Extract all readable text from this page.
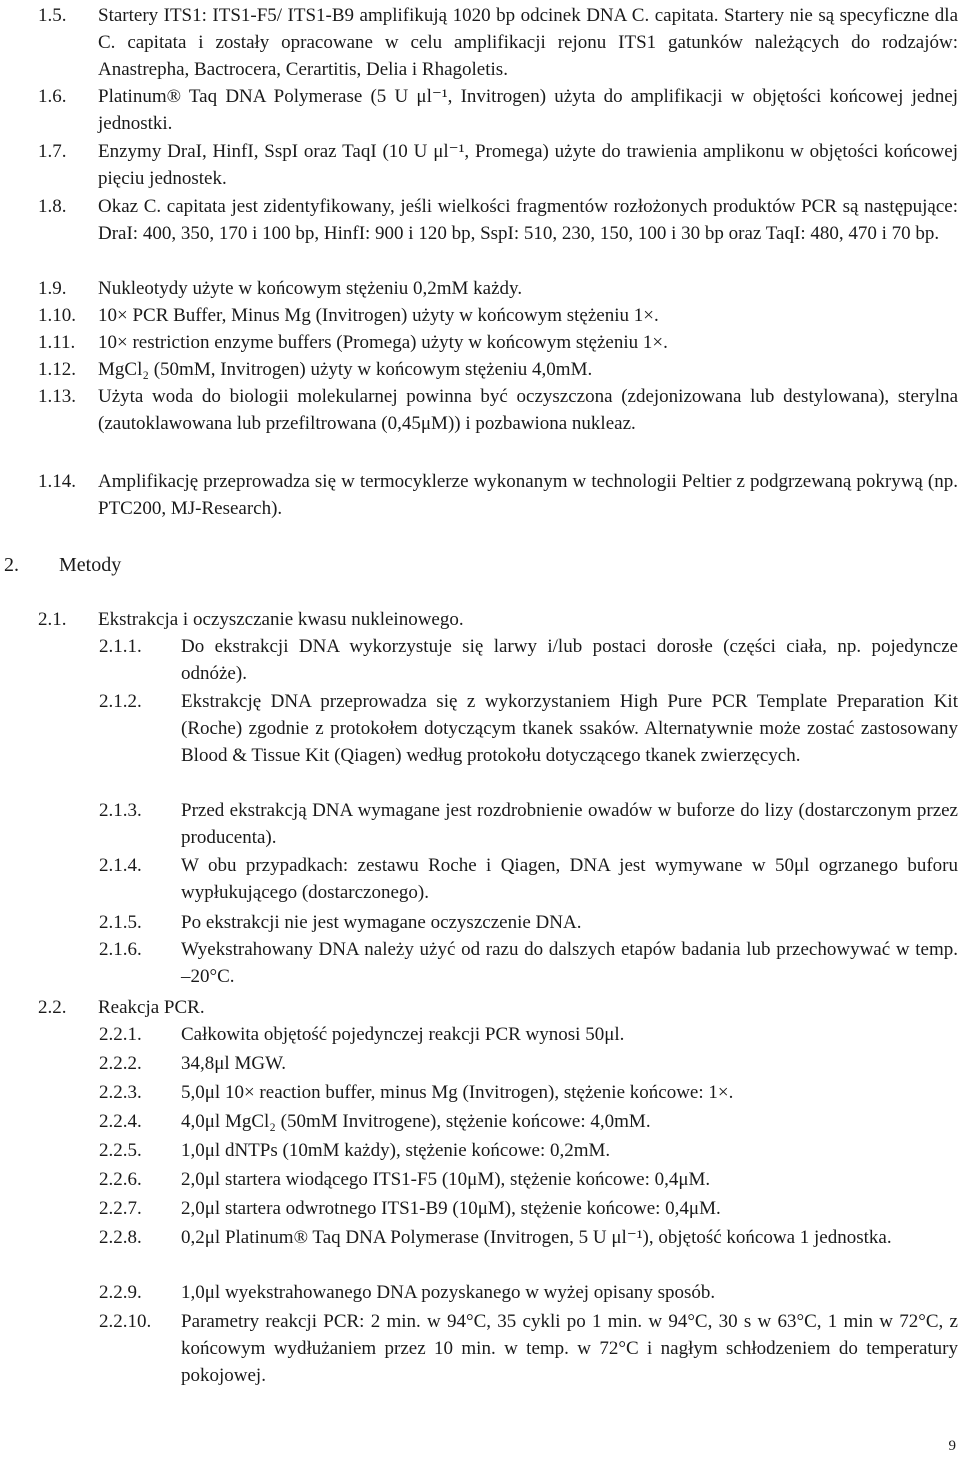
1.5. Startery ITS1: ITS1-F5/ ITS1-B9 amplifikują 1020 bp odcinek DNA C. capitata. Startery nie są specyficzne dla C. capitata i zostały opracowane w celu amplifikacji rejonu ITS1 gatunków należących do rodzajów: Anastrepha, Bactrocera, Cerartitis, Delia i Rhagoletis.

1.6. Platinum® Taq DNA Polymerase (5 U μl⁻¹, Invitrogen) użyta do amplifikacji w objętości końcowej jednej jednostki.

1.7. Enzymy DraI, HinfI, SspI oraz TaqI (10 U μl⁻¹, Promega) użyte do trawienia amplikonu w objętości końcowej pięciu jednostek.

1.8. Okaz C. capitata jest zidentyfikowany, jeśli wielkości fragmentów rozłożonych produktów PCR są następujące: DraI: 400, 350, 170 i 100 bp, HinfI: 900 i 120 bp, SspI: 510, 230, 150, 100 i 30 bp oraz TaqI: 480, 470 i 70 bp.

1.9. Nukleotydy użyte w końcowym stężeniu 0,2mM każdy.

1.10. 10× PCR Buffer, Minus Mg (Invitrogen) użyty w końcowym stężeniu 1×.

1.11. 10× restriction enzyme buffers (Promega) użyty w końcowym stężeniu 1×.

1.12. MgCl₂ (50mM, Invitrogen) użyty w końcowym stężeniu 4,0mM.

1.13. Użyta woda do biologii molekularnej powinna być oczyszczona (zdejonizowana lub destylowana), sterylna (zautoklawowana lub przefiltrowana (0,45μM)) i pozbawiona nukleaz.

1.14. Amplifikację przeprowadza się w termocyklerze wykonanym w technologii Peltier z podgrzewaną pokrywą (np. PTC200, MJ-Research).

2. Metody
2.1. Ekstrakcja i oczyszczanie kwasu nukleinowego.
2.1.1. Do ekstrakcji DNA wykorzystuje się larwy i/lub postaci dorosłe (części ciała, np. pojedyncze odnóże).

2.1.2. Ekstrakcję DNA przeprowadza się z wykorzystaniem High Pure PCR Template Preparation Kit (Roche) zgodnie z protokołem dotyczącym tkanek ssaków. Alternatywnie może zostać zastosowany Blood & Tissue Kit (Qiagen) według protokołu dotyczącego tkanek zwierzęcych.

2.1.3. Przed ekstrakcją DNA wymagane jest rozdrobnienie owadów w buforze do lizy (dostarczonym przez producenta).

2.1.4. W obu przypadkach: zestawu Roche i Qiagen, DNA jest wymywane w 50μl ogrzanego buforu wypłukującego (dostarczonego).

2.1.5. Po ekstrakcji nie jest wymagane oczyszczenie DNA.

2.1.6. Wyekstrahowany DNA należy użyć od razu do dalszych etapów badania lub przechowywać w temp. –20°C.

2.2. Reakcja PCR.
2.2.1. Całkowita objętość pojedynczej reakcji PCR wynosi 50μl.

2.2.2. 34,8μl MGW.

2.2.3. 5,0μl 10× reaction buffer, minus Mg (Invitrogen), stężenie końcowe: 1×.

2.2.4. 4,0μl MgCl₂ (50mM Invitrogene), stężenie końcowe: 4,0mM.

2.2.5. 1,0μl dNTPs (10mM każdy), stężenie końcowe: 0,2mM.

2.2.6. 2,0μl startera wiodącego ITS1-F5 (10μM), stężenie końcowe: 0,4μM.

2.2.7. 2,0μl startera odwrotnego ITS1-B9 (10μM), stężenie końcowe: 0,4μM.

2.2.8. 0,2μl Platinum® Taq DNA Polymerase (Invitrogen, 5 U μl⁻¹), objętość końcowa 1 jednostka.

2.2.9. 1,0μl wyekstrahowanego DNA pozyskanego w wyżej opisany sposób.

2.2.10. Parametry reakcji PCR: 2 min. w 94°C, 35 cykli po 1 min. w 94°C, 30 s w 63°C, 1 min w 72°C, z końcowym wydłużaniem przez 10 min. w temp. w 72°C i nagłym schłodzeniem do temperatury pokojowej.

9
